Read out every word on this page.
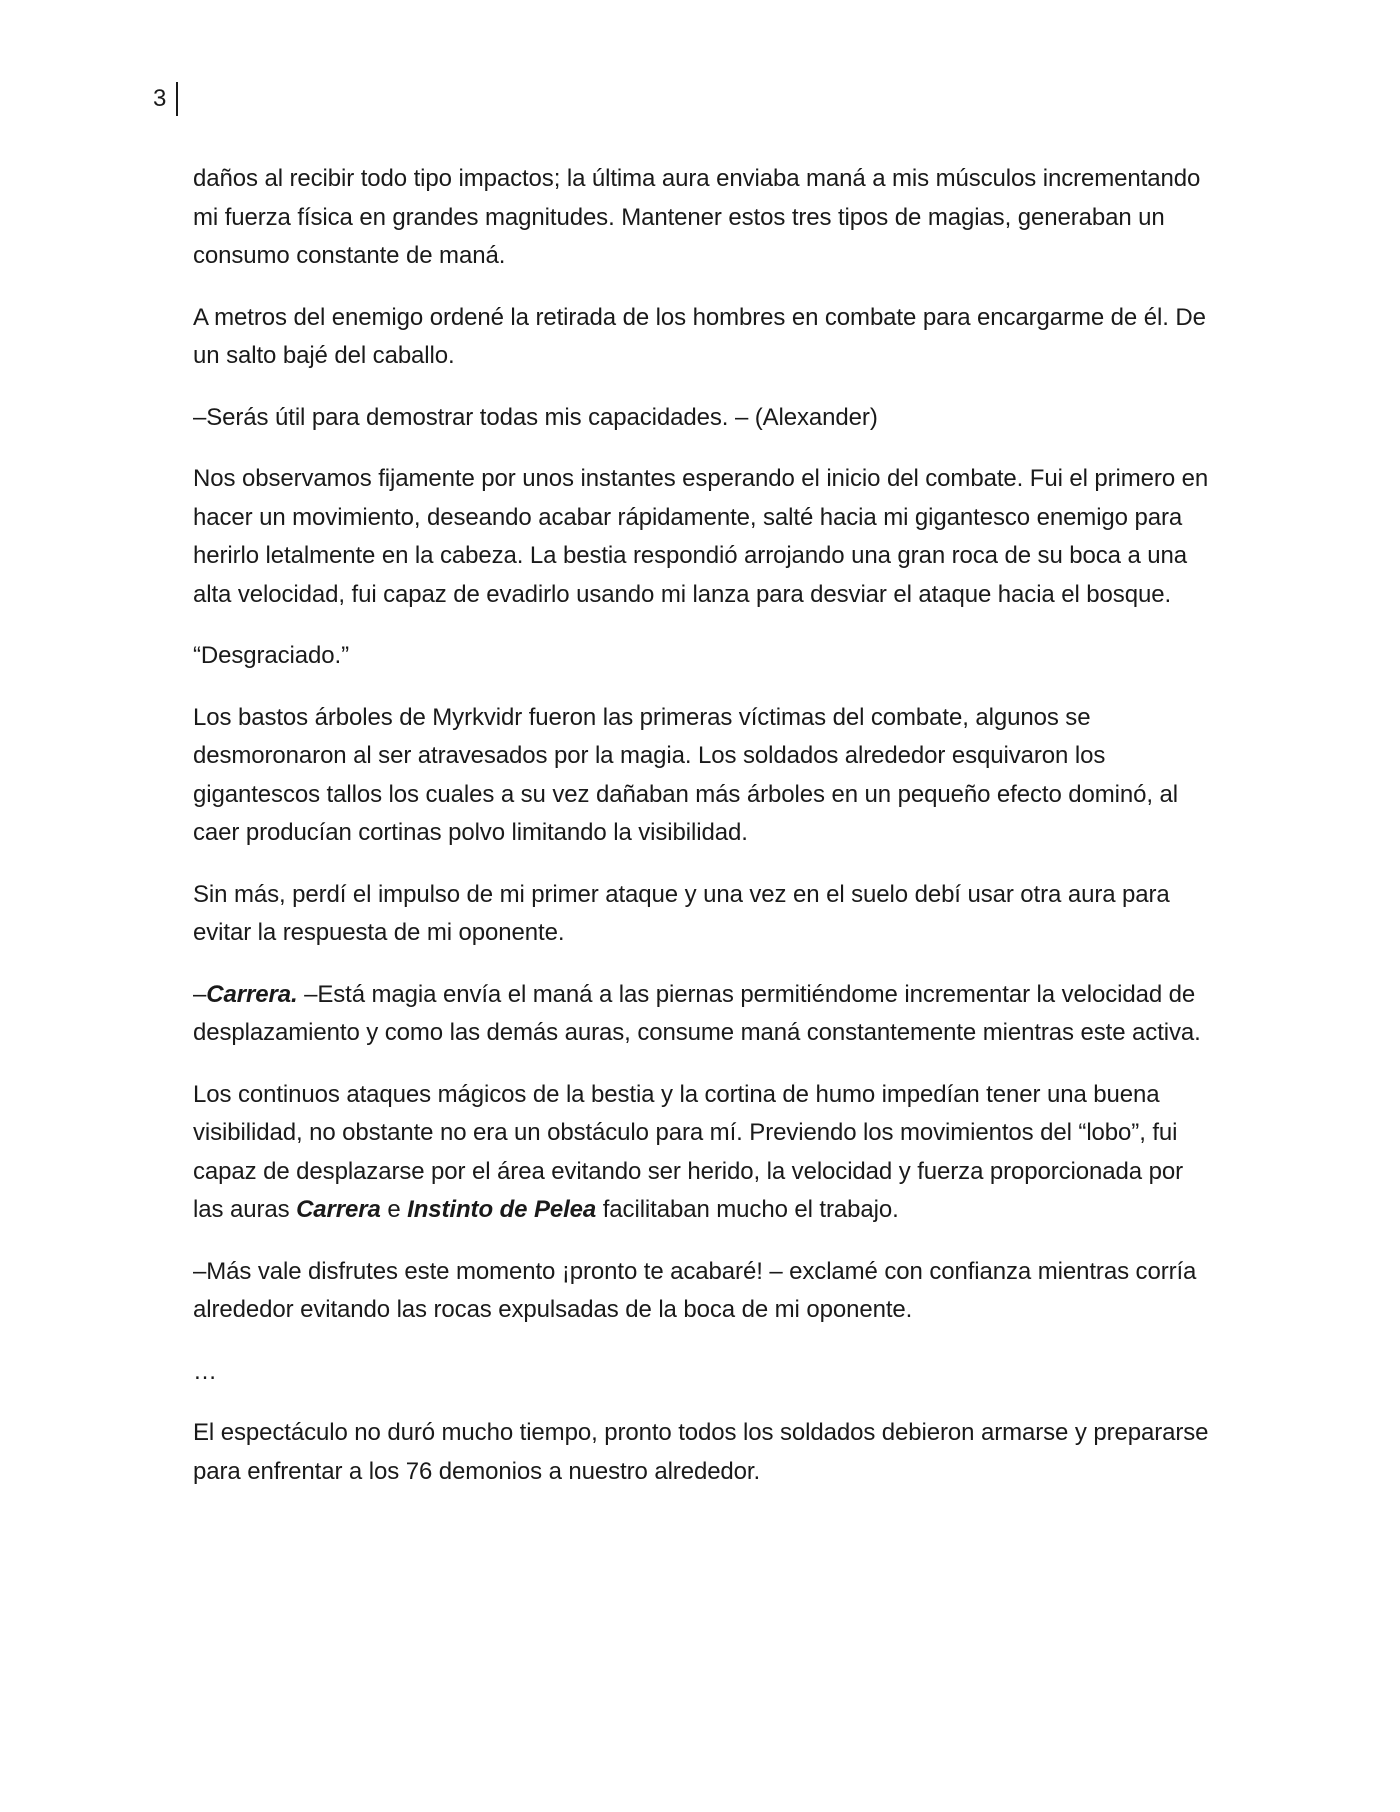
3

daños al recibir todo tipo impactos; la última aura enviaba maná a mis músculos incrementando mi fuerza física en grandes magnitudes. Mantener estos tres tipos de magias, generaban un consumo constante de maná.

A metros del enemigo ordené la retirada de los hombres en combate para encargarme de él. De un salto bajé del caballo.

–Serás útil para demostrar todas mis capacidades. – (Alexander)

Nos observamos fijamente por unos instantes esperando el inicio del combate. Fui el primero en hacer un movimiento, deseando acabar rápidamente, salté hacia mi gigantesco enemigo para herirlo letalmente en la cabeza. La bestia respondió arrojando una gran roca de su boca a una alta velocidad, fui capaz de evadirlo usando mi lanza para desviar el ataque hacia el bosque.

“Desgraciado.”

Los bastos árboles de Myrkvidr fueron las primeras víctimas del combate, algunos se desmoronaron al ser atravesados por la magia. Los soldados alrededor esquivaron los gigantescos tallos los cuales a su vez dañaban más árboles en un pequeño efecto dominó, al caer producían cortinas polvo limitando la visibilidad.

Sin más, perdí el impulso de mi primer ataque y una vez en el suelo debí usar otra aura para evitar la respuesta de mi oponente.

–Carrera. –Está magia envía el maná a las piernas permitiéndome incrementar la velocidad de desplazamiento y como las demás auras, consume maná constantemente mientras este activa.

Los continuos ataques mágicos de la bestia y la cortina de humo impedían tener una buena visibilidad, no obstante no era un obstáculo para mí. Previendo los movimientos del “lobo”, fui capaz de desplazarse por el área evitando ser herido, la velocidad y fuerza proporcionada por las auras Carrera e Instinto de Pelea facilitaban mucho el trabajo.

–Más vale disfrutes este momento ¡pronto te acabaré! – exclamé con confianza mientras corría alrededor evitando las rocas expulsadas de la boca de mi oponente.

…

El espectáculo no duró mucho tiempo, pronto todos los soldados debieron armarse y prepararse para enfrentar a los 76 demonios a nuestro alrededor.
